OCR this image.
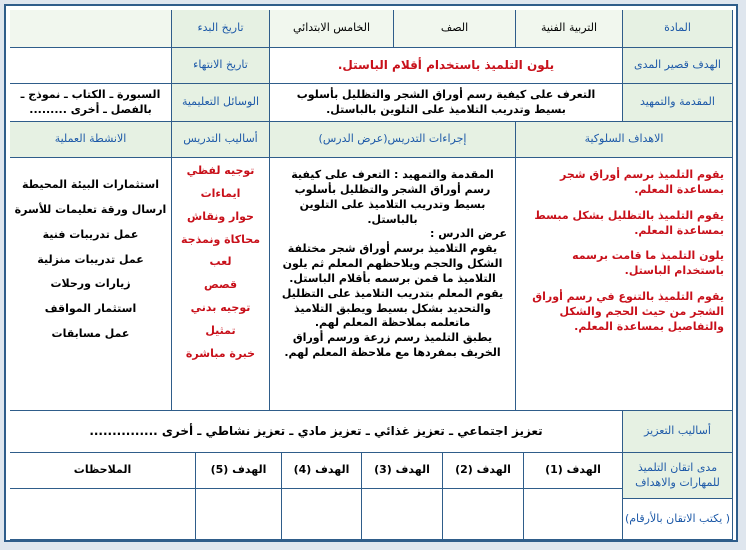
المادة
التربية الفنية
الصف
الخامس الابتدائي
تاريخ البدء
الهدف قصير المدى
يلون التلميذ باستخدام أقلام الباستل.
تاريخ الانتهاء
المقدمة والتمهيد
التعرف على كيفية رسم أوراق الشجر والتظليل بأسلوب بسيط وتدريب التلاميذ على التلوين بالباستل.
الوسائل التعليمية

السبورة ـ الكتاب ـ نموذج ـ

بالفصل ـ أخرى .........

الاهداف السلوكية
إجراءات التدريس(عرض الدرس)
أساليب التدريس
الانشطة العملية

يقوم التلميذ برسم أوراق شجر بمساعدة المعلم.

يقوم التلميذ بالتظليل بشكل مبسط بمساعدة المعلم.

يلون التلميذ ما قامت برسمه باستخدام الباستل.

يقوم التلميذ بالتنوع في رسم أوراق الشجر من حيث الحجم والشكل والتفاصيل بمساعدة المعلم.

المقدمة والتمهيد : التعرف على كيفية رسم أوراق الشجر والتظليل بأسلوب بسيط وتدريب التلاميذ على التلوين بالباستل.

عرض الدرس :

يقوم التلاميذ برسم أوراق شجر مختلفة الشكل والحجم ويلاحظهم المعلم ثم يلون التلاميذ ما قمن برسمه بأقلام الباستل.

يقوم المعلم بتدريب التلاميذ على التظليل والتحديد بشكل بسيط ويطبق التلاميذ ماتعلمه بملاحظة المعلم لهم.

يطبق التلميذ رسم زرعة ورسم أوراق الخريف بمفردها مع ملاحظة المعلم لهم.

توجيه لفظي

ايماءات

حوار ونقاش

محاكاة ونمذجة

لعب

قصص

توجيه بدني

تمثيل

خبرة مباشرة

استثمارات البيئة المحيطة

ارسال ورقة تعليمات للأسرة

عمل تدريبات فنية

عمل تدريبات منزلية

زيارات ورحلات

استثمار المواقف

عمل مسابقات

أساليب التعزيز
تعزيز اجتماعي ـ تعزيز غذائي ـ تعزيز مادي ـ تعزيز نشاطي ـ أخرى ...............
مدى اتقان التلميذ للمهارات والاهداف
الهدف (1)
الهدف (2)
الهدف (3)
الهدف (4)
الهدف (5)
الملاحظات
( يكتب الاتقان بالأرقام)
